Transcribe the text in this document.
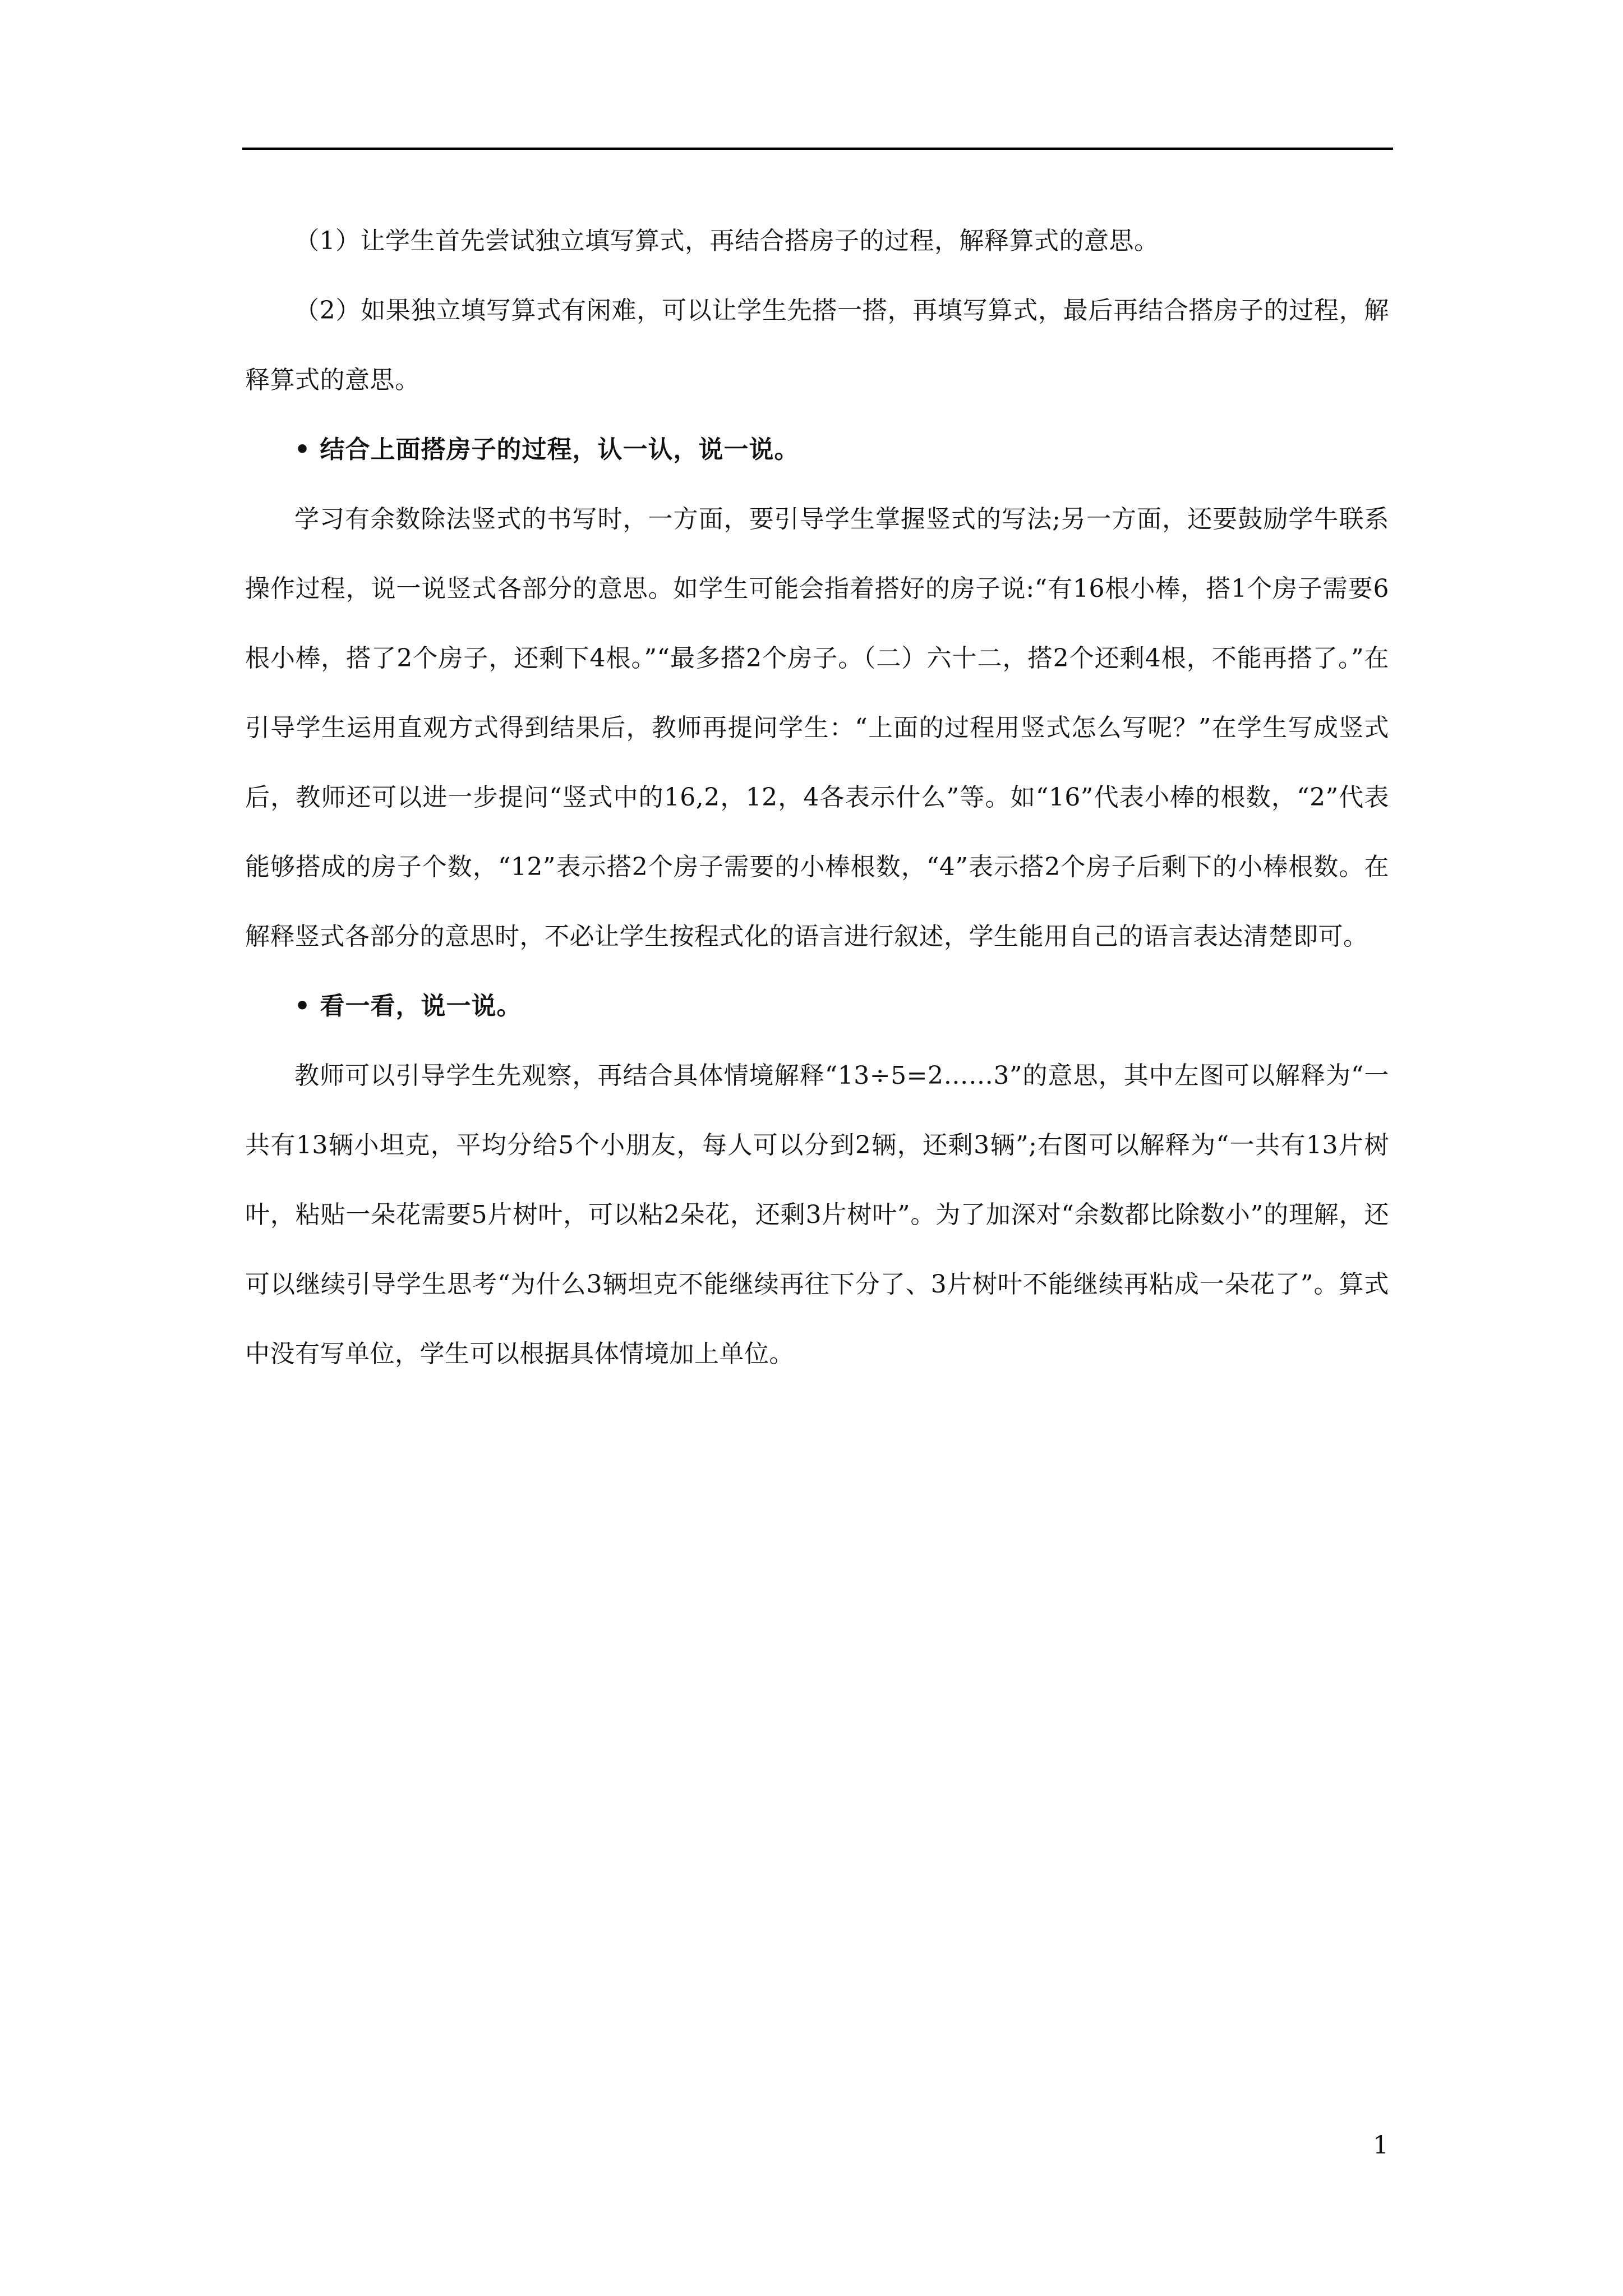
（1）让学生首先尝试独立填写算式，再结合搭房子的过程，解释算式的意思。

（2）如果独立填写算式有闲难，可以让学生先搭一搭，再填写算式，最后再结合搭房子的过程，解释算式的意思。

• 结合上面搭房子的过程，认一认，说一说。

学习有余数除法竖式的书写时，一方面，要引导学生掌握竖式的写法;另一方面，还要鼓励学牛联系操作过程，说一说竖式各部分的意思。如学生可能会指着搭好的房子说:“有16根小棒，搭1个房子需要6根小棒，搭了2个房子，还剩下4根。”“最多搭2个房子。（二）六十二，搭2个还剩4根，不能再搭了。”在引导学生运用直观方式得到结果后，教师再提问学生：“上面的过程用竖式怎么写呢？”在学生写成竖式后，教师还可以进一步提问“竖式中的16,2，12，4各表示什么”等。如“16”代表小棒的根数，“2”代表能够搭成的房子个数，“12”表示搭2个房子需要的小棒根数，“4”表示搭2个房子后剩下的小棒根数。在解释竖式各部分的意思时，不必让学生按程式化的语言进行叙述，学生能用自己的语言表达清楚即可。

• 看一看，说一说。

教师可以引导学生先观察，再结合具体情境解释“13÷5=2……3”的意思，其中左图可以解释为“一共有13辆小坦克，平均分给5个小朋友，每人可以分到2辆，还剩3辆”;右图可以解释为“一共有13片树叶，粘贴一朵花需要5片树叶，可以粘2朵花，还剩3片树叶”。为了加深对“余数都比除数小”的理解，还可以继续引导学生思考“为什么3辆坦克不能继续再往下分了、3片树叶不能继续再粘成一朵花了”。算式中没有写单位，学生可以根据具体情境加上单位。

1
